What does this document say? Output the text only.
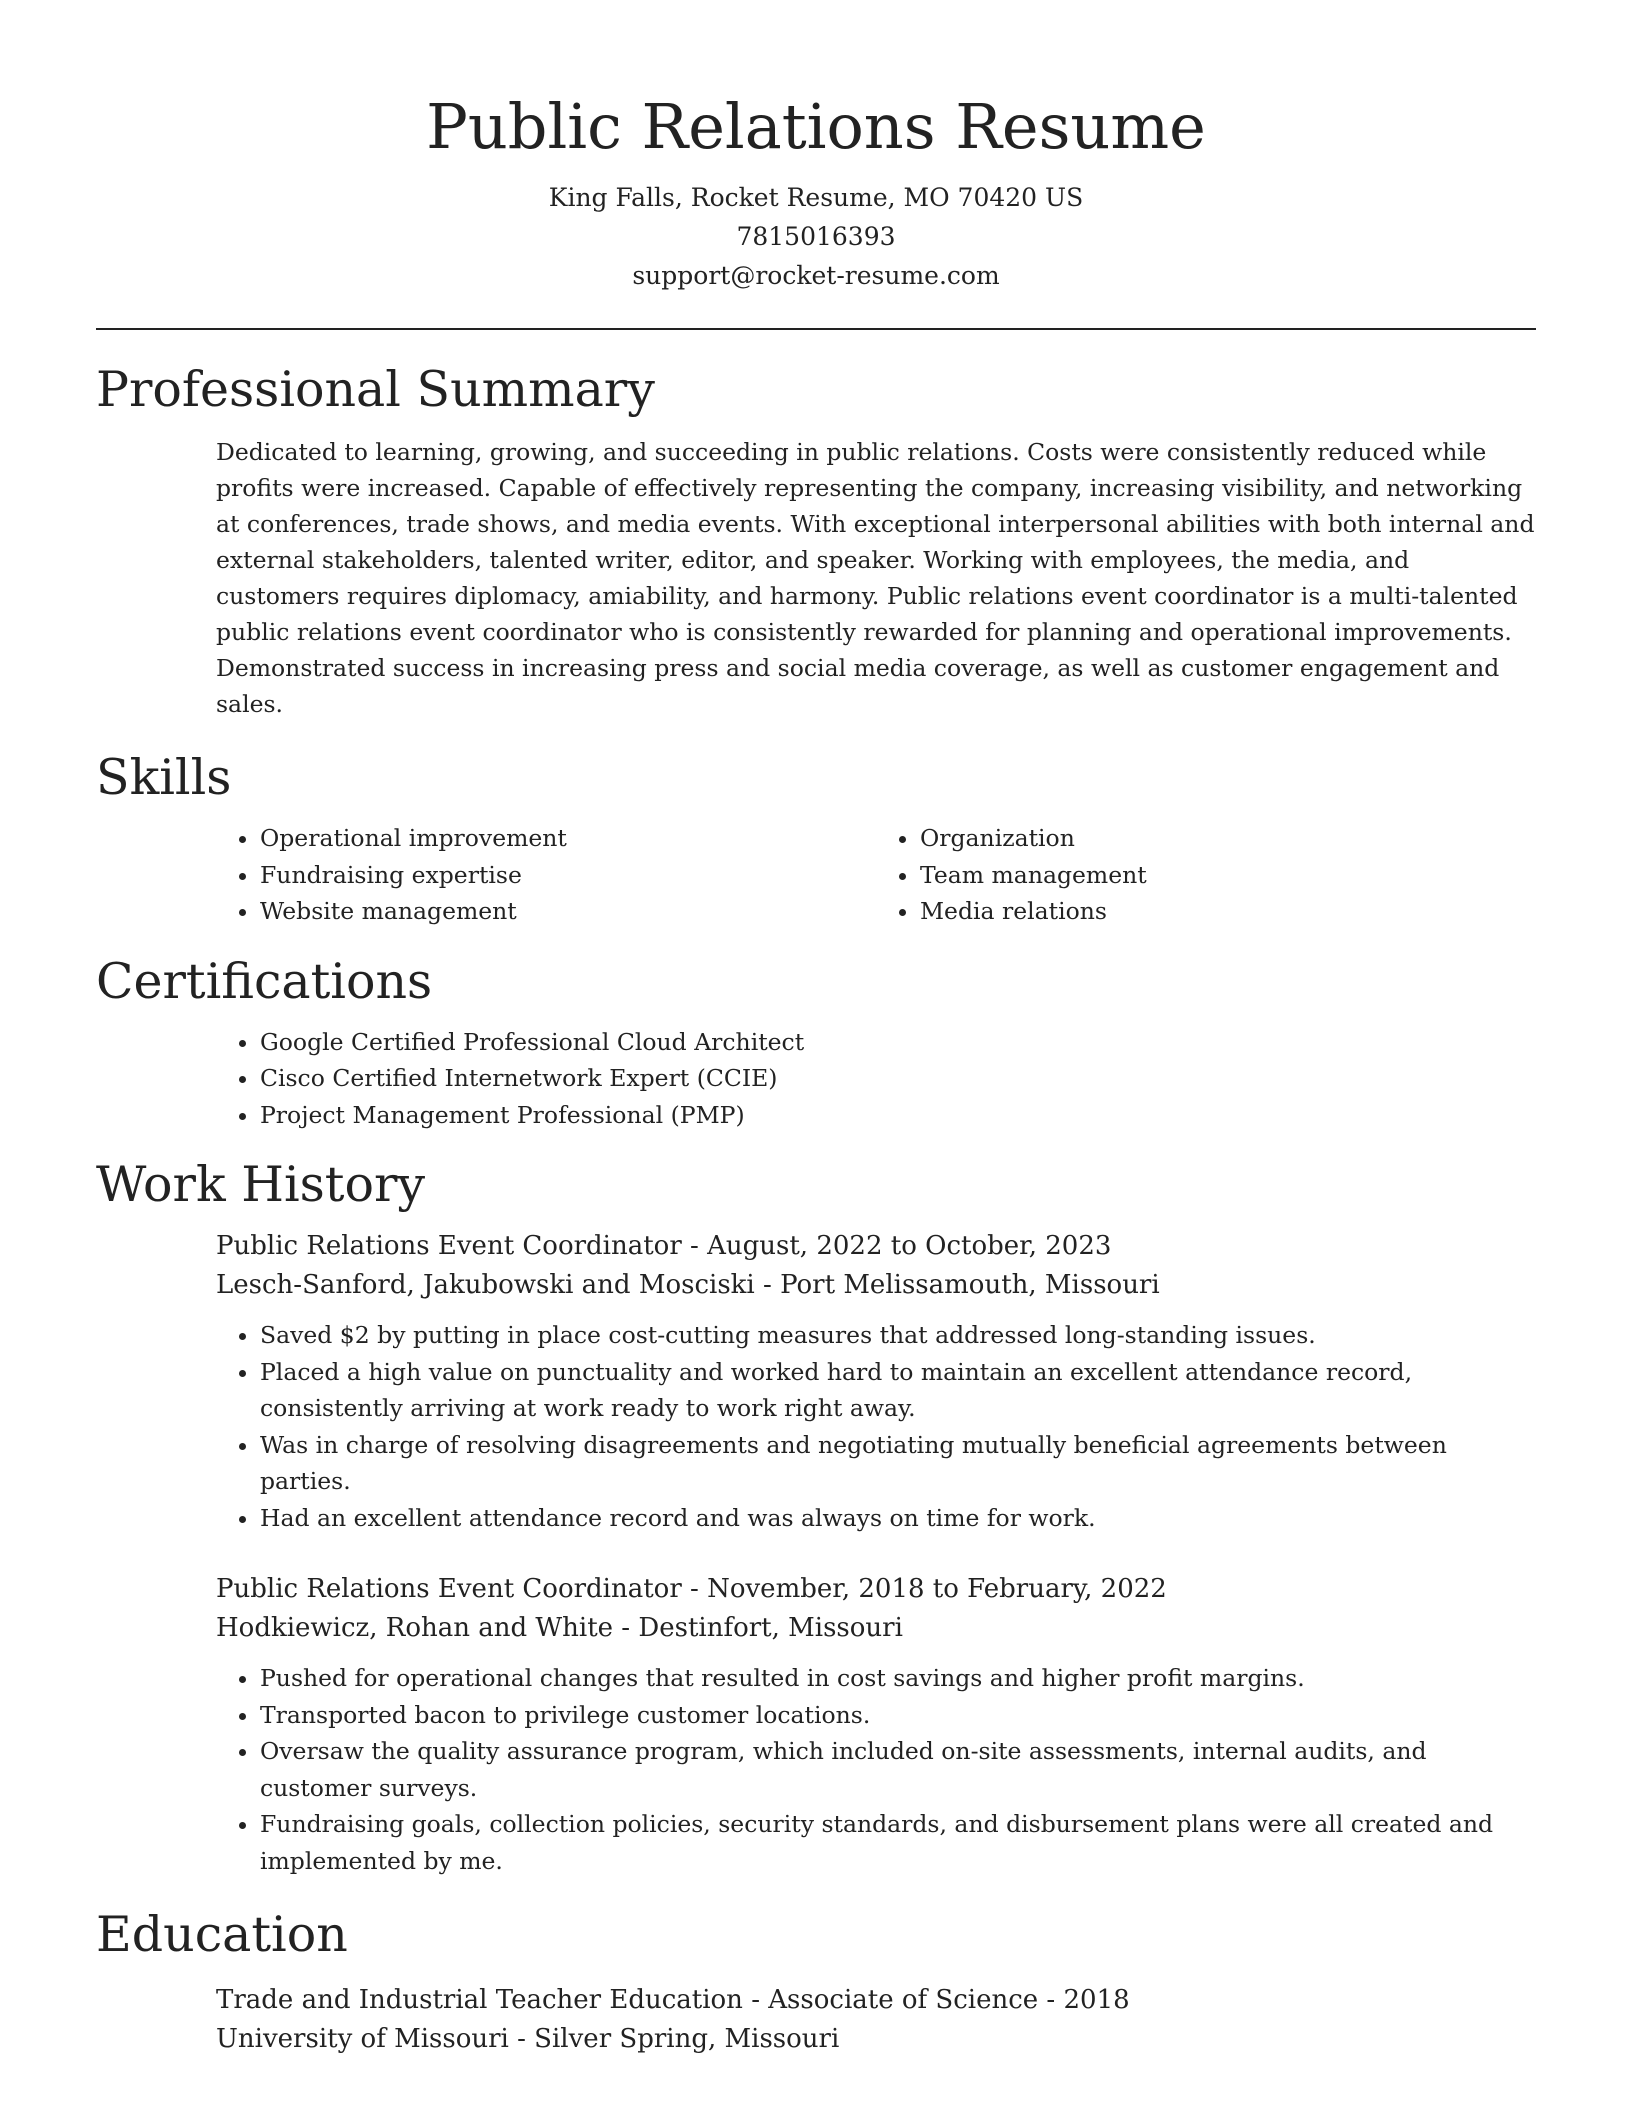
Public Relations Resume
King Falls, Rocket Resume, MO 70420 US
7815016393
support@rocket-resume.com
Professional Summary
Dedicated to learning, growing, and succeeding in public relations. Costs were consistently reduced while profits were increased. Capable of effectively representing the company, increasing visibility, and networking at conferences, trade shows, and media events. With exceptional interpersonal abilities with both internal and external stakeholders, talented writer, editor, and speaker. Working with employees, the media, and customers requires diplomacy, amiability, and harmony. Public relations event coordinator is a multi-talented public relations event coordinator who is consistently rewarded for planning and operational improvements. Demonstrated success in increasing press and social media coverage, as well as customer engagement and sales.
Skills
• Operational improvement
• Fundraising expertise
• Website management
• Organization
• Team management
• Media relations
Certifications
• Google Certified Professional Cloud Architect
• Cisco Certified Internetwork Expert (CCIE)
• Project Management Professional (PMP)
Work History
Public Relations Event Coordinator - August, 2022 to October, 2023
Lesch-Sanford, Jakubowski and Mosciski - Port Melissamouth, Missouri
• Saved $2 by putting in place cost-cutting measures that addressed long-standing issues.
• Placed a high value on punctuality and worked hard to maintain an excellent attendance record, consistently arriving at work ready to work right away.
• Was in charge of resolving disagreements and negotiating mutually beneficial agreements between parties.
• Had an excellent attendance record and was always on time for work.
Public Relations Event Coordinator - November, 2018 to February, 2022
Hodkiewicz, Rohan and White - Destinfort, Missouri
• Pushed for operational changes that resulted in cost savings and higher profit margins.
• Transported bacon to privilege customer locations.
• Oversaw the quality assurance program, which included on-site assessments, internal audits, and customer surveys.
• Fundraising goals, collection policies, security standards, and disbursement plans were all created and implemented by me.
Education
Trade and Industrial Teacher Education - Associate of Science - 2018
University of Missouri - Silver Spring, Missouri
